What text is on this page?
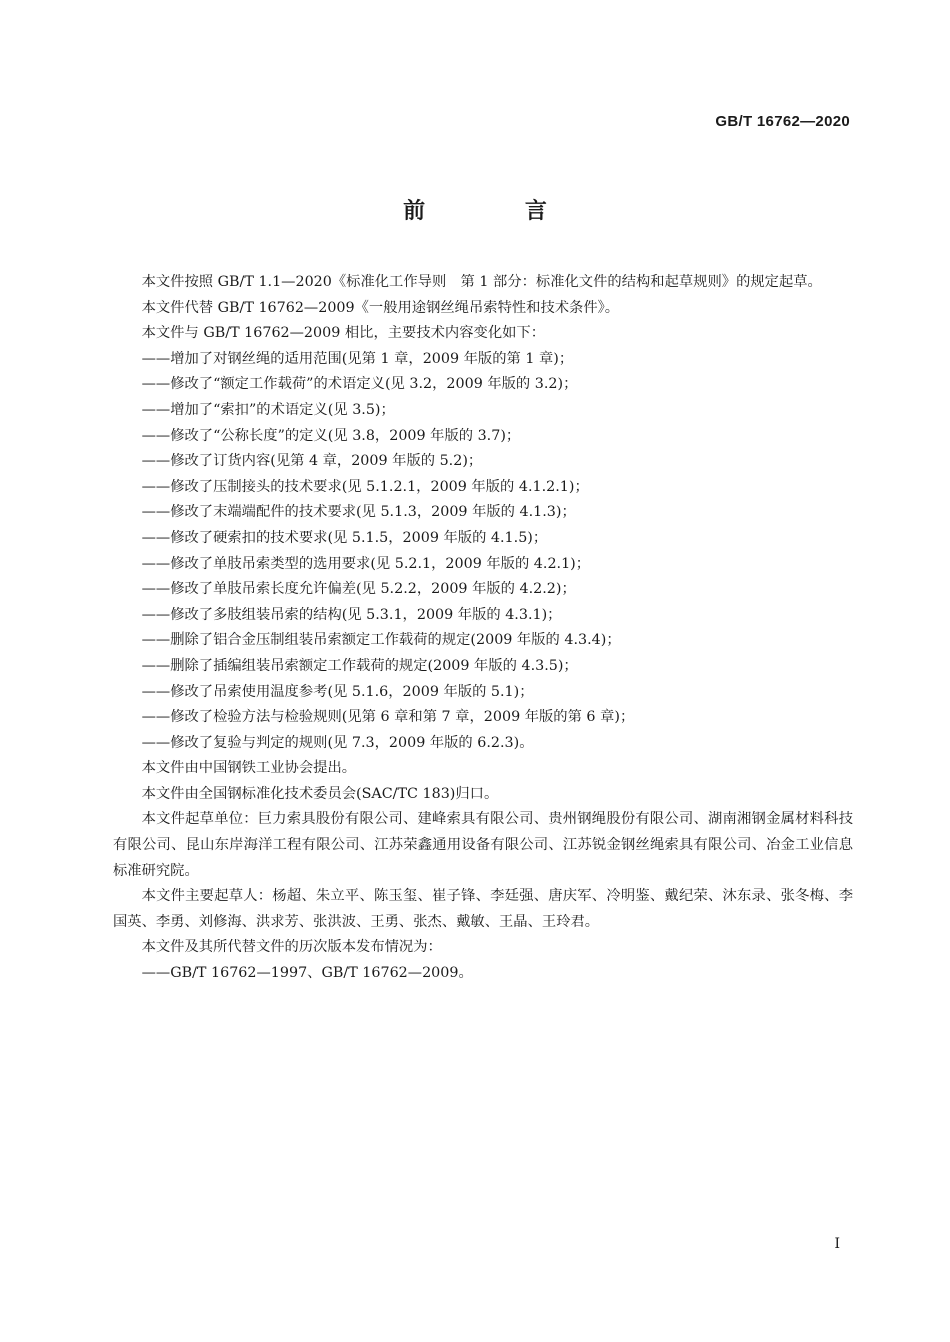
GB/T 16762—2020
前 言

本文件按照 GB/T 1.1—2020《标准化工作导则　第 1 部分：标准化文件的结构和起草规则》的规定起草。

本文件代替 GB/T 16762—2009《一般用途钢丝绳吊索特性和技术条件》。

本文件与 GB/T 16762—2009 相比，主要技术内容变化如下：

——增加了对钢丝绳的适用范围(见第 1 章，2009 年版的第 1 章)；

——修改了“额定工作载荷”的术语定义(见 3.2，2009 年版的 3.2)；

——增加了“索扣”的术语定义(见 3.5)；

——修改了“公称长度”的定义(见 3.8，2009 年版的 3.7)；

——修改了订货内容(见第 4 章，2009 年版的 5.2)；

——修改了压制接头的技术要求(见 5.1.2.1，2009 年版的 4.1.2.1)；

——修改了末端端配件的技术要求(见 5.1.3，2009 年版的 4.1.3)；

——修改了硬索扣的技术要求(见 5.1.5，2009 年版的 4.1.5)；

——修改了单肢吊索类型的选用要求(见 5.2.1，2009 年版的 4.2.1)；

——修改了单肢吊索长度允许偏差(见 5.2.2，2009 年版的 4.2.2)；

——修改了多肢组装吊索的结构(见 5.3.1，2009 年版的 4.3.1)；

——删除了铝合金压制组装吊索额定工作载荷的规定(2009 年版的 4.3.4)；

——删除了插编组装吊索额定工作载荷的规定(2009 年版的 4.3.5)；

——修改了吊索使用温度参考(见 5.1.6，2009 年版的 5.1)；

——修改了检验方法与检验规则(见第 6 章和第 7 章，2009 年版的第 6 章)；

——修改了复验与判定的规则(见 7.3，2009 年版的 6.2.3)。

本文件由中国钢铁工业协会提出。

本文件由全国钢标准化技术委员会(SAC/TC 183)归口。

本文件起草单位：巨力索具股份有限公司、建峰索具有限公司、贵州钢绳股份有限公司、湖南湘钢金属材料科技有限公司、昆山东岸海洋工程有限公司、江苏荣鑫通用设备有限公司、江苏锐金钢丝绳索具有限公司、冶金工业信息标准研究院。

本文件主要起草人：杨超、朱立平、陈玉玺、崔子锋、李廷强、唐庆军、冷明鉴、戴纪荣、沐东录、张冬梅、李国英、李勇、刘修海、洪求芳、张洪波、王勇、张杰、戴敏、王晶、王玲君。

本文件及其所代替文件的历次版本发布情况为：

——GB/T 16762—1997、GB/T 16762—2009。

I
